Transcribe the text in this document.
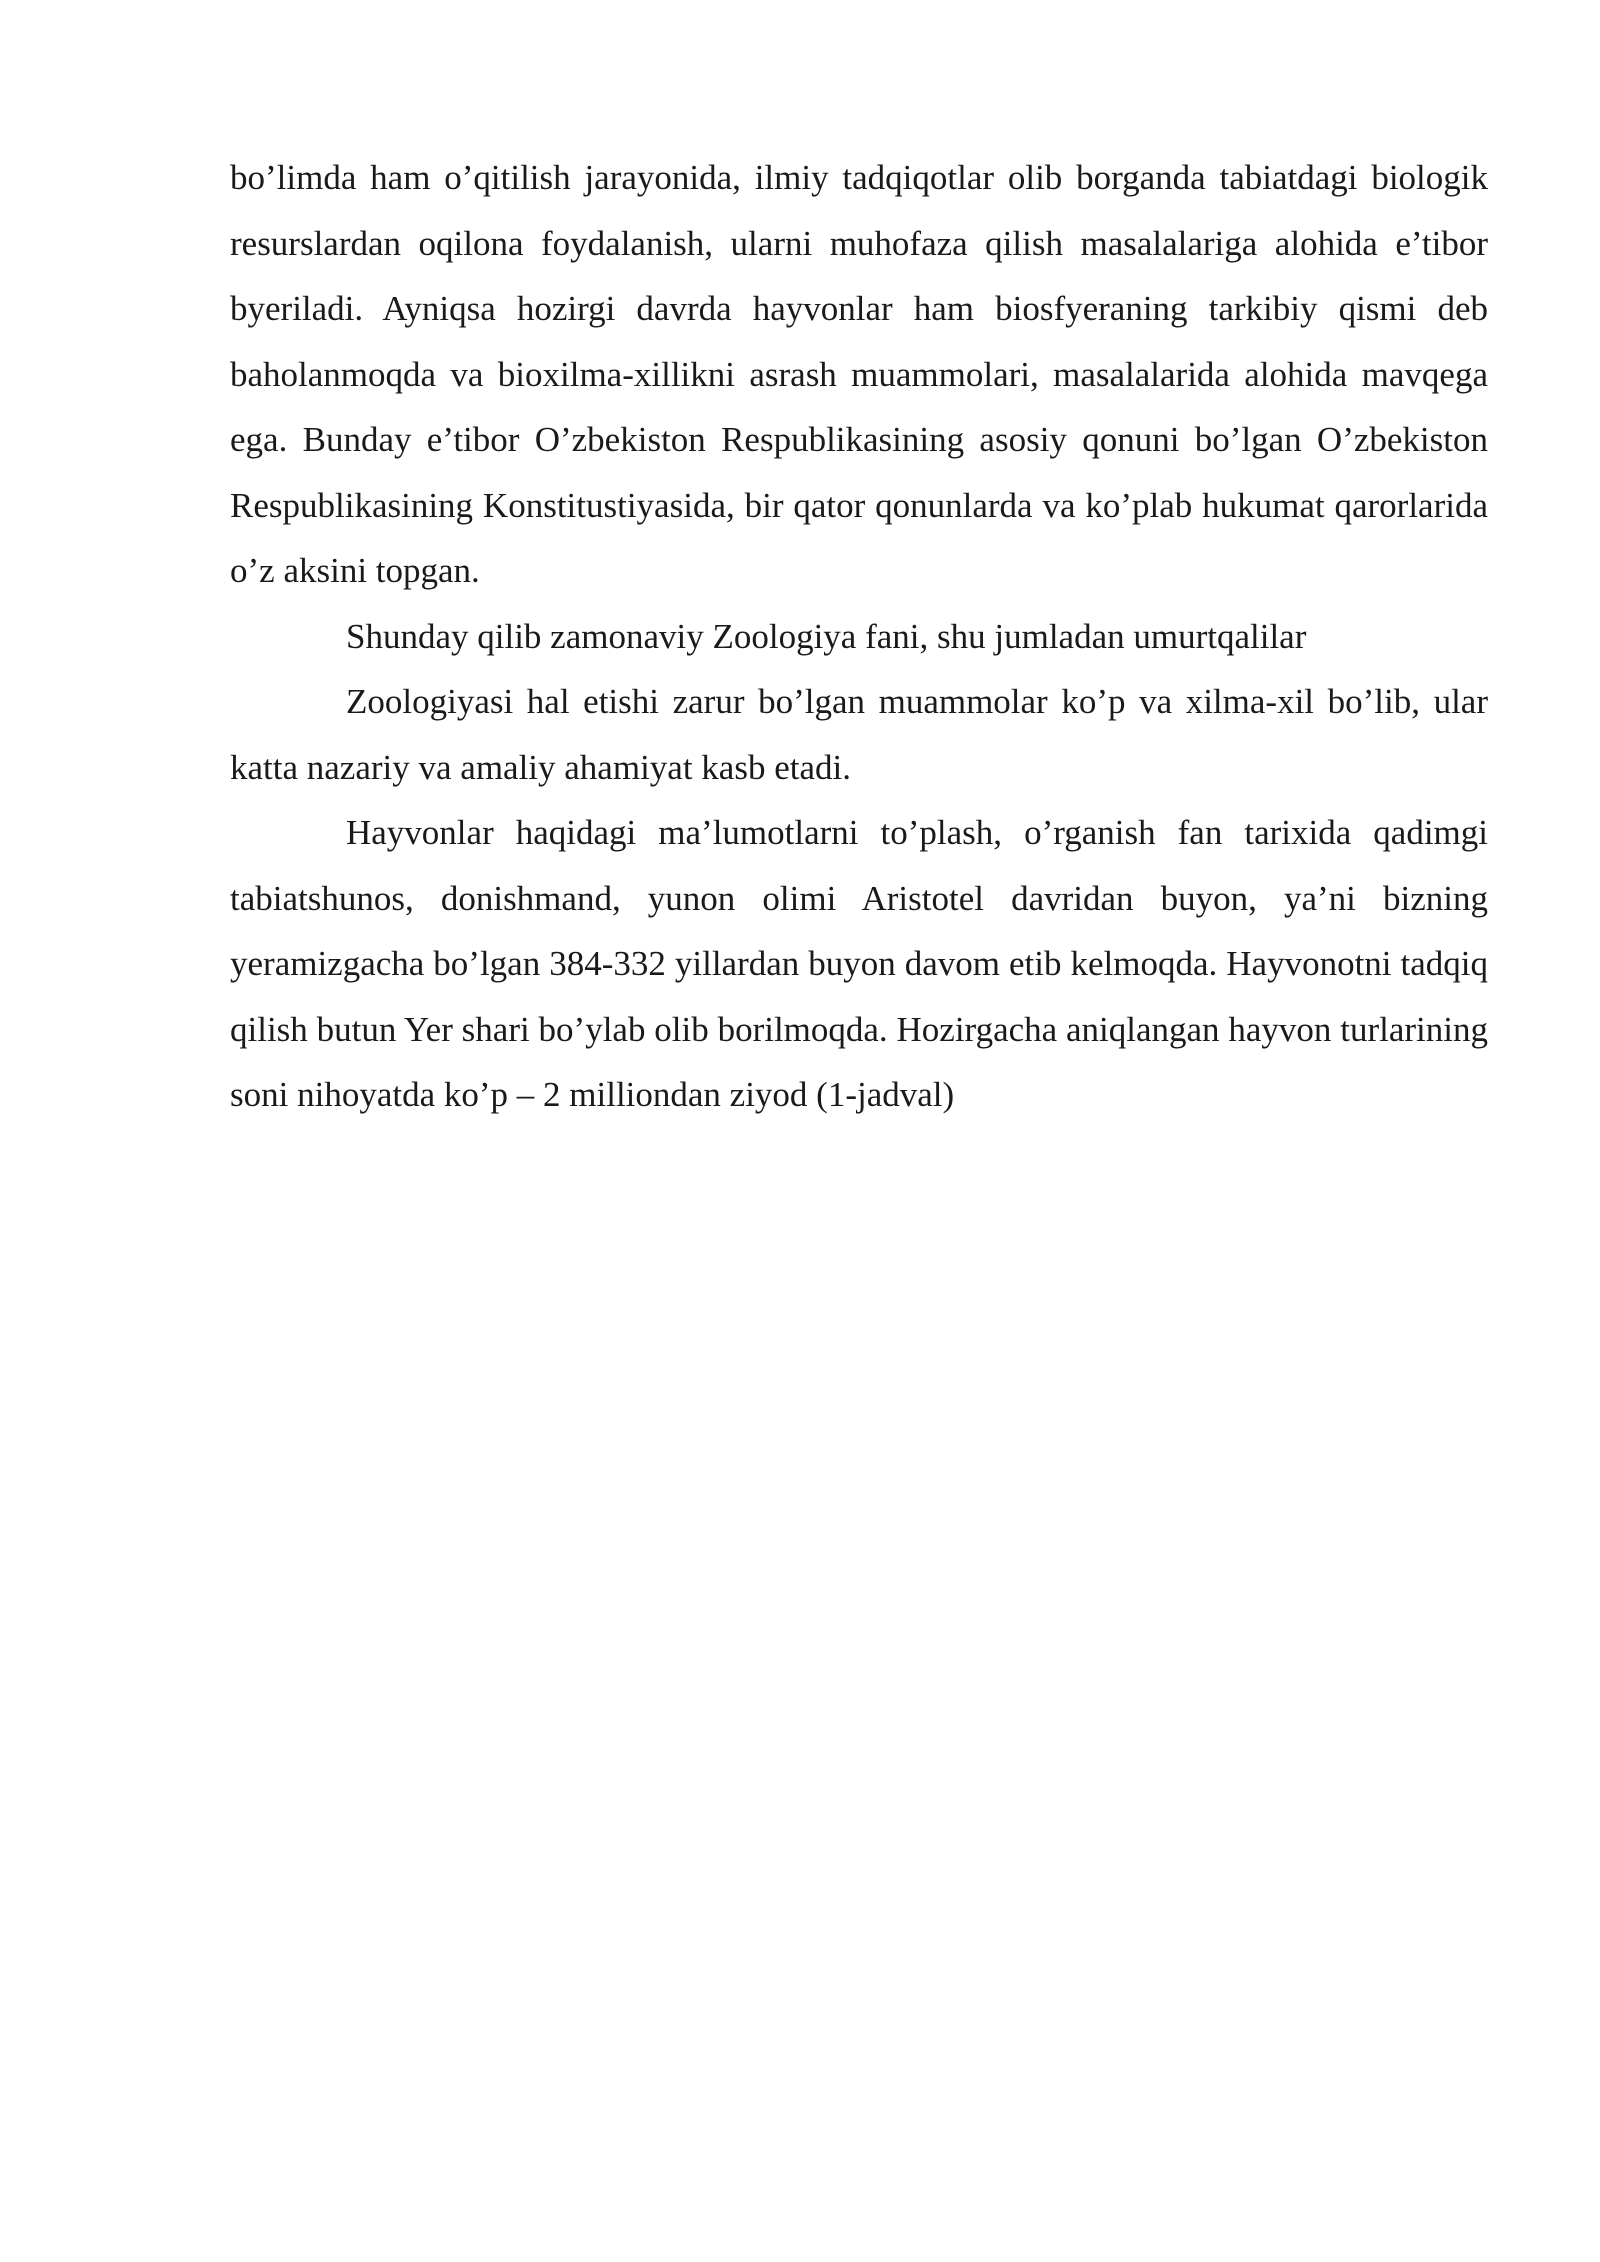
bo’limda ham o’qitilish jarayonida, ilmiy tadqiqotlar olib borganda tabiatdagi biologik resurslardan oqilona foydalanish, ularni muhofaza qilish masalalariga alohida e’tibor byeriladi. Ayniqsa hozirgi davrda hayvonlar ham biosfyeraning tarkibiy qismi deb baholanmoqda va bioxilma-xillikni asrash muammolari, masalalarida alohida mavqega ega. Bunday e’tibor O’zbekiston Respublikasining asosiy qonuni bo’lgan O’zbekiston Respublikasining Konstitustiyasida, bir qator qonunlarda va ko’plab hukumat qarorlarida o’z aksini topgan.

Shunday qilib zamonaviy Zoologiya fani, shu jumladan umurtqalilar

Zoologiyasi hal etishi zarur bo’lgan muammolar ko’p va xilma-xil bo’lib, ular katta nazariy va amaliy ahamiyat kasb etadi.

Hayvonlar haqidagi ma’lumotlarni to’plash, o’rganish fan tarixida qadimgi tabiatshunos, donishmand, yunon olimi Aristotel davridan buyon, ya’ni bizning yeramizgacha bo’lgan 384-332 yillardan buyon davom etib kelmoqda. Hayvonotni tadqiq qilish butun Yer shari bo’ylab olib borilmoqda. Hozirgacha aniqlangan hayvon turlarining soni nihoyatda ko’p – 2 milliondan ziyod (1-jadval)
